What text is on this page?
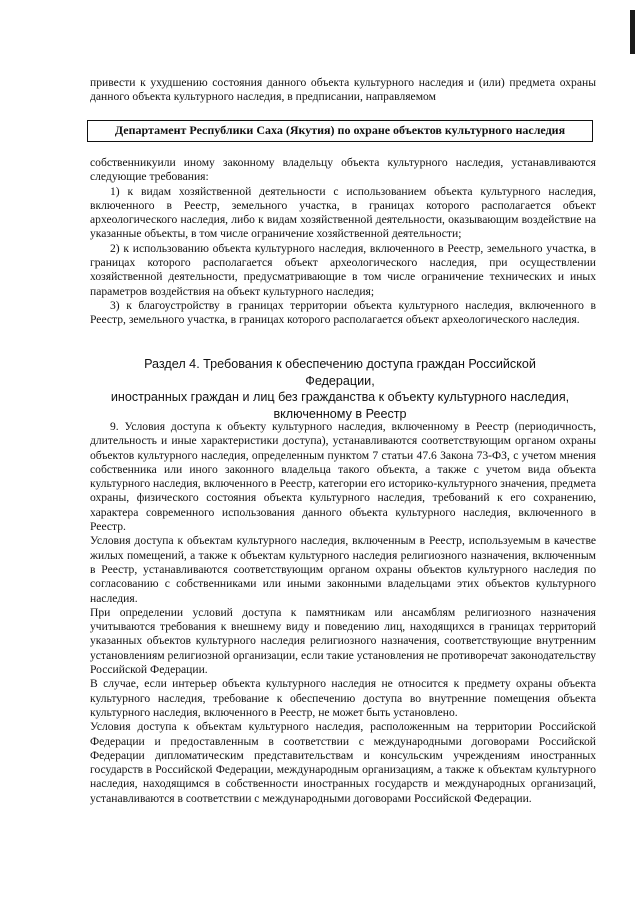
привести к ухудшению состояния данного объекта культурного наследия и (или) предмета охраны данного объекта культурного наследия, в предписании, направляемом

Департамент Республики Саха (Якутия) по охране объектов культурного наследия

собственникуили иному законному владельцу объекта культурного наследия, устанавливаются следующие требования:

1) к видам хозяйственной деятельности с использованием объекта культурного наследия, включенного в Реестр, земельного участка, в границах которого располагается объект археологического наследия, либо к видам хозяйственной деятельности, оказывающим воздействие на указанные объекты, в том числе ограничение хозяйственной деятельности;

2) к использованию объекта культурного наследия, включенного в Реестр, земельного участка, в границах которого располагается объект археологического наследия, при осуществлении хозяйственной деятельности, предусматривающие в том числе ограничение технических и иных параметров воздействия на объект культурного наследия;

3) к благоустройству в границах территории объекта культурного наследия, включенного в Реестр, земельного участка, в границах которого располагается объект археологического наследия.

Раздел 4. Требования к обеспечению доступа граждан Российской Федерации,
иностранных граждан и лиц без гражданства к объекту культурного наследия,
включенному в Реестр

9. Условия доступа к объекту культурного наследия, включенному в Реестр (периодичность, длительность и иные характеристики доступа), устанавливаются соответствующим органом охраны объектов культурного наследия, определенным пунктом 7 статьи 47.6 Закона 73-ФЗ, с учетом мнения собственника или иного законного владельца такого объекта, а также с учетом вида объекта культурного наследия, включенного в Реестр, категории его историко-культурного значения, предмета охраны, физического состояния объекта культурного наследия, требований к его сохранению, характера современного использования данного объекта культурного наследия, включенного в Реестр.

Условия доступа к объектам культурного наследия, включенным в Реестр, используемым в качестве жилых помещений, а также к объектам культурного наследия религиозного назначения, включенным в Реестр, устанавливаются соответствующим органом охраны объектов культурного наследия по согласованию с собственниками или иными законными владельцами этих объектов культурного наследия.

При определении условий доступа к памятникам или ансамблям религиозного назначения учитываются требования к внешнему виду и поведению лиц, находящихся в границах территорий указанных объектов культурного наследия религиозного назначения, соответствующие внутренним установлениям религиозной организации, если такие установления не противоречат законодательству Российской Федерации.

В случае, если интерьер объекта культурного наследия не относится к предмету охраны объекта культурного наследия, требование к обеспечению доступа во внутренние помещения объекта культурного наследия, включенного в Реестр, не может быть установлено.

Условия доступа к объектам культурного наследия, расположенным на территории Российской Федерации и предоставленным в соответствии с международными договорами Российской Федерации дипломатическим представительствам и консульским учреждениям иностранных государств в Российской Федерации, международным организациям, а также к объектам культурного наследия, находящимся в собственности иностранных государств и международных организаций, устанавливаются в соответствии с международными договорами Российской Федерации.
